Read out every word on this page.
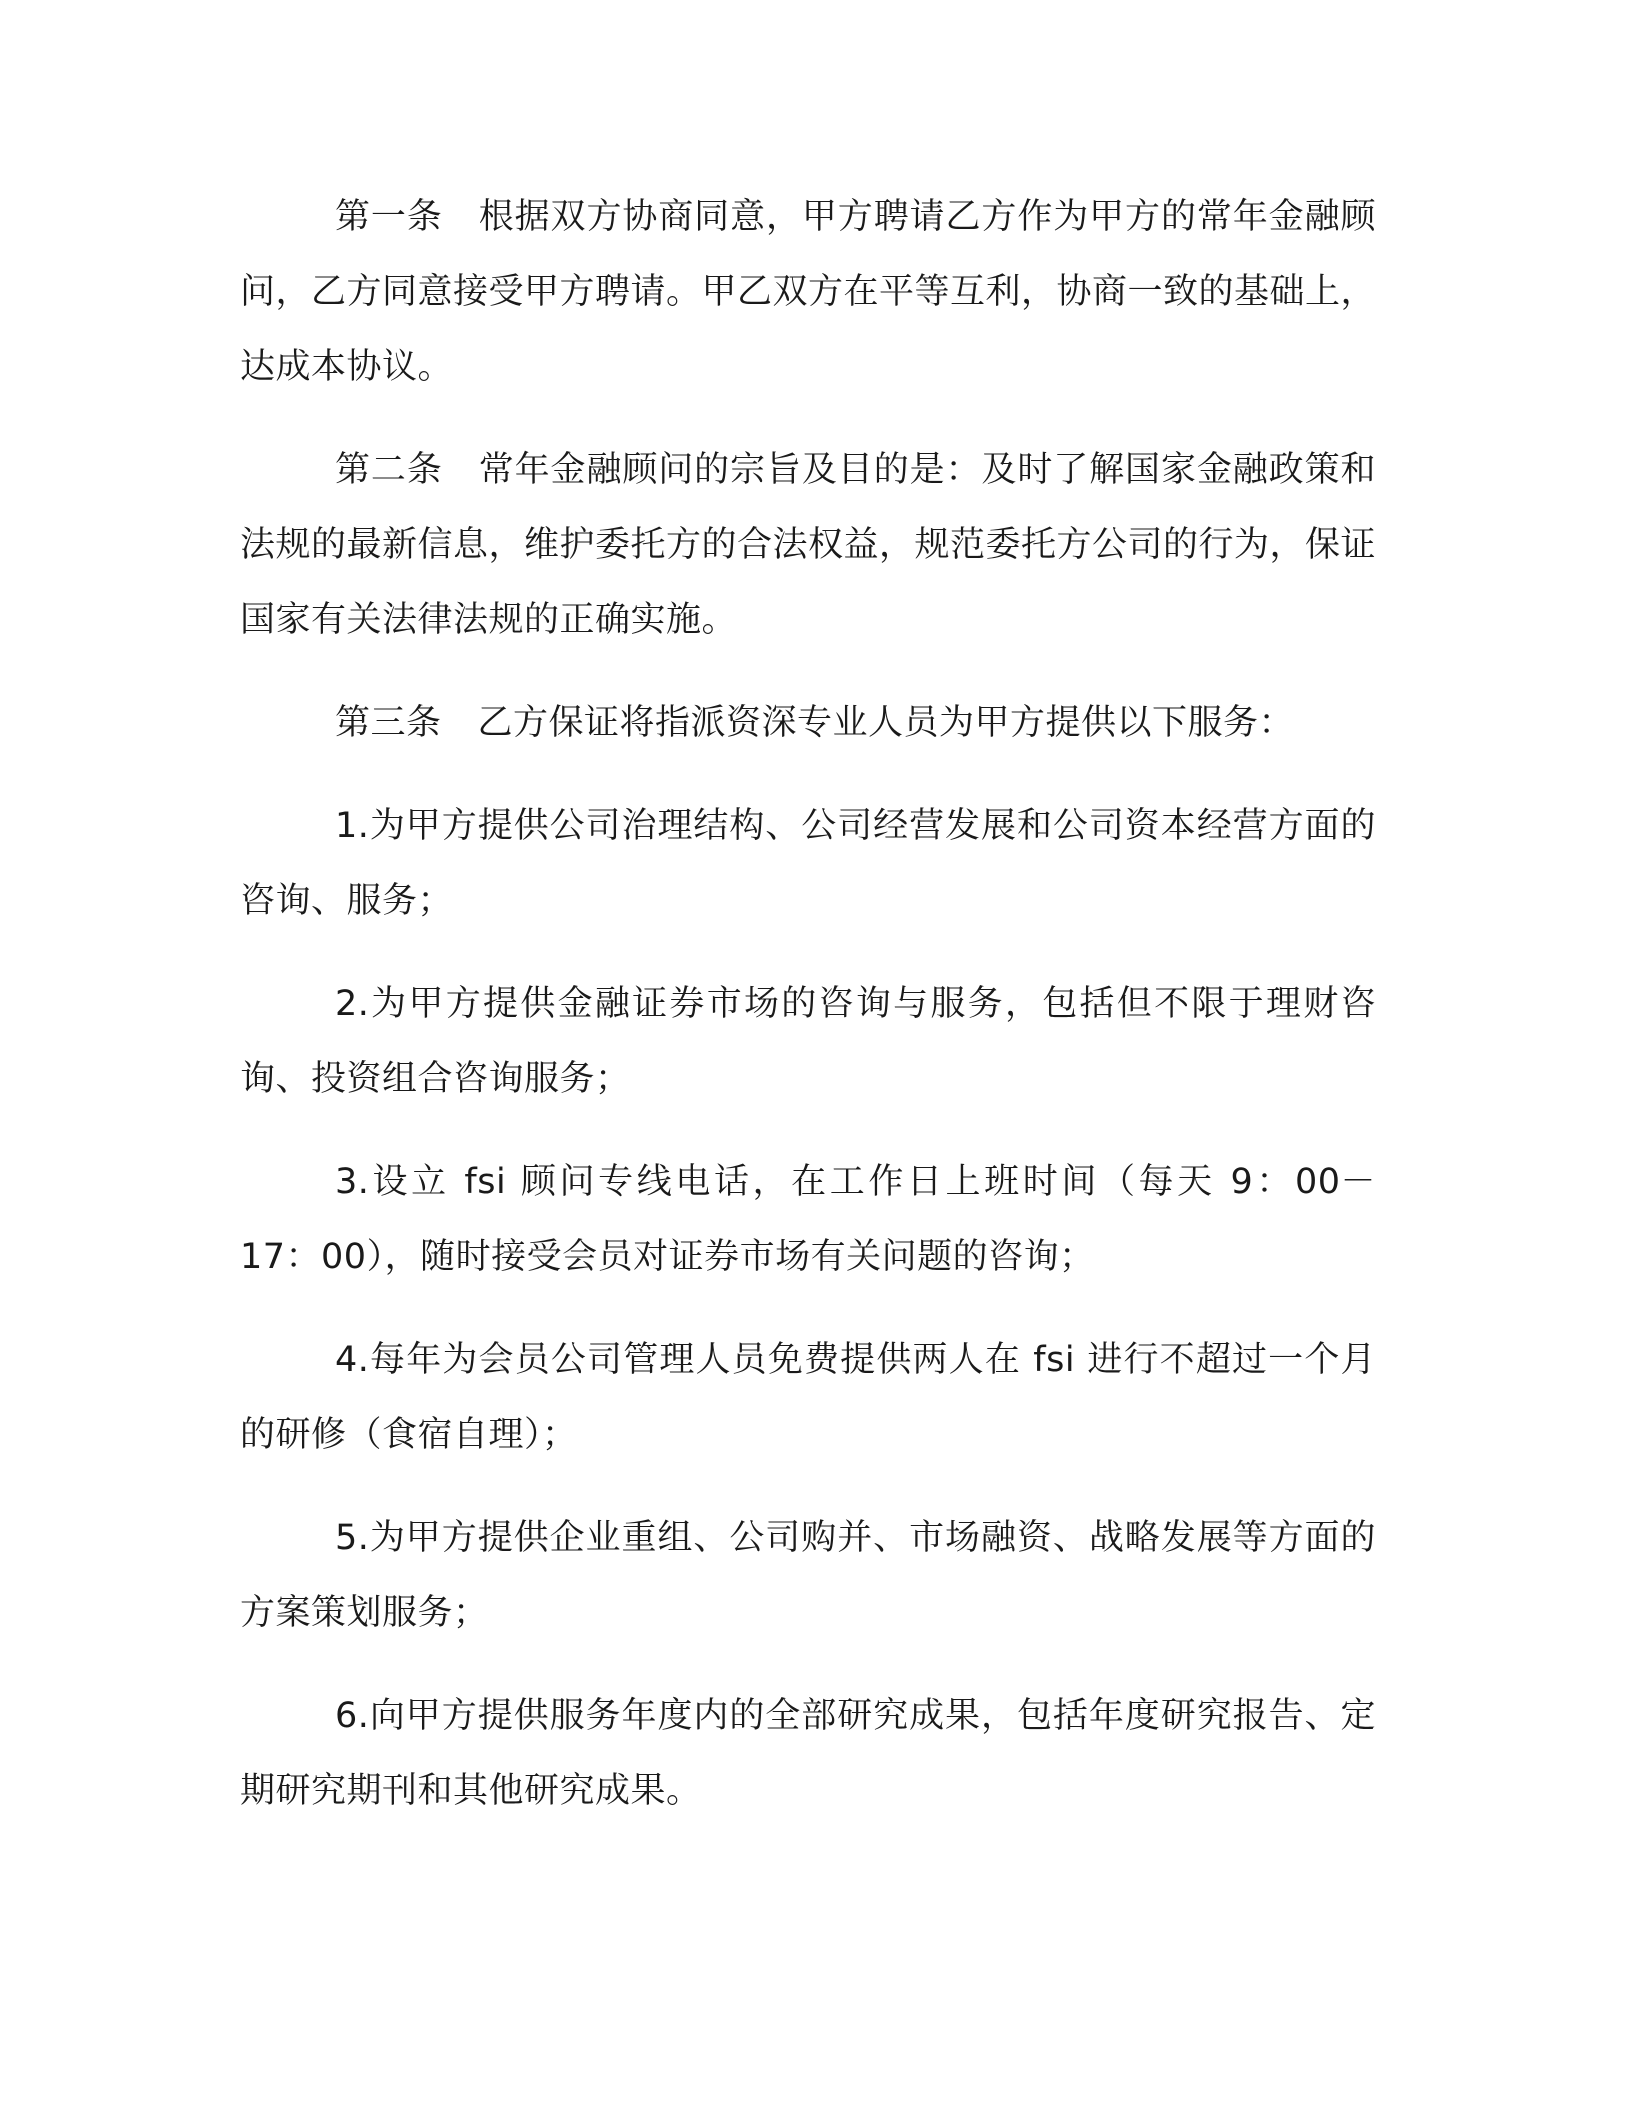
第一条 根据双方协商同意，甲方聘请乙方作为甲方的常年金融顾问，乙方同意接受甲方聘请。甲乙双方在平等互利，协商一致的基础上，达成本协议。

第二条 常年金融顾问的宗旨及目的是：及时了解国家金融政策和法规的最新信息，维护委托方的合法权益，规范委托方公司的行为，保证国家有关法律法规的正确实施。

第三条 乙方保证将指派资深专业人员为甲方提供以下服务：

1.为甲方提供公司治理结构、公司经营发展和公司资本经营方面的咨询、服务；

2.为甲方提供金融证券市场的咨询与服务，包括但不限于理财咨询、投资组合咨询服务；

3.设立 fsi 顾问专线电话，在工作日上班时间（每天 9：00－17：00），随时接受会员对证券市场有关问题的咨询；

4.每年为会员公司管理人员免费提供两人在 fsi 进行不超过一个月的研修（食宿自理）；

5.为甲方提供企业重组、公司购并、市场融资、战略发展等方面的方案策划服务；

6.向甲方提供服务年度内的全部研究成果，包括年度研究报告、定期研究期刊和其他研究成果。
